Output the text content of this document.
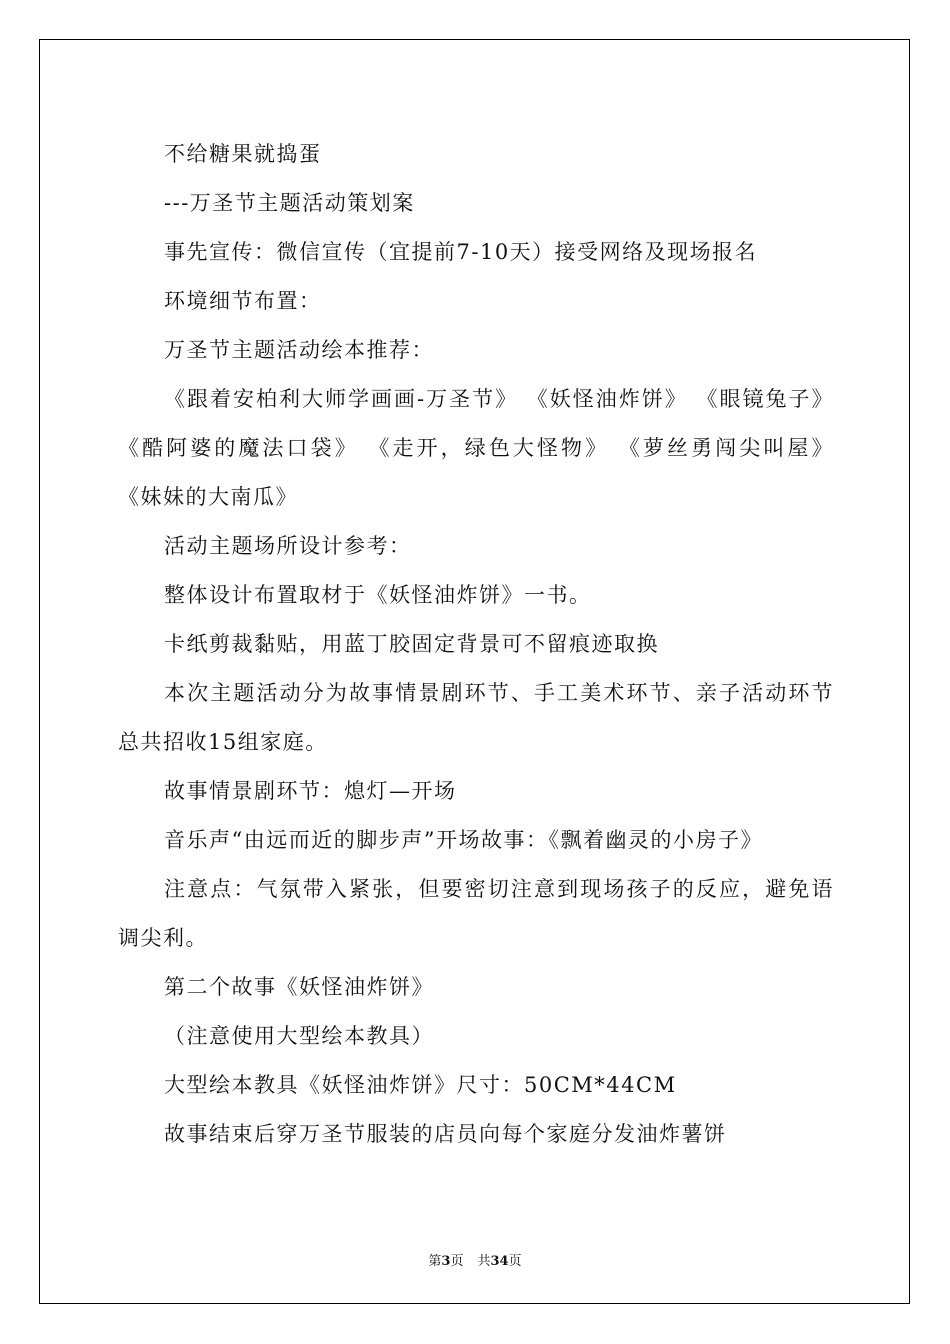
不给糖果就捣蛋

---万圣节主题活动策划案

事先宣传：微信宣传（宜提前7-10天）接受网络及现场报名

环境细节布置：

万圣节主题活动绘本推荐：

《跟着安柏利大师学画画-万圣节》 《妖怪油炸饼》 《眼镜兔子》 《酷阿婆的魔法口袋》 《走开，绿色大怪物》 《萝丝勇闯尖叫屋》 《妹妹的大南瓜》

活动主题场所设计参考：

整体设计布置取材于《妖怪油炸饼》一书。

卡纸剪裁黏贴，用蓝丁胶固定背景可不留痕迹取换

本次主题活动分为故事情景剧环节、手工美术环节、亲子活动环节总共招收15组家庭。

故事情景剧环节：熄灯—开场

音乐声“由远而近的脚步声”开场故事：《飘着幽灵的小房子》

注意点：气氛带入紧张，但要密切注意到现场孩子的反应，避免语调尖利。

第二个故事《妖怪油炸饼》

（注意使用大型绘本教具）

大型绘本教具《妖怪油炸饼》尺寸：50CM*44CM

故事结束后穿万圣节服装的店员向每个家庭分发油炸薯饼

第3页 共34页
